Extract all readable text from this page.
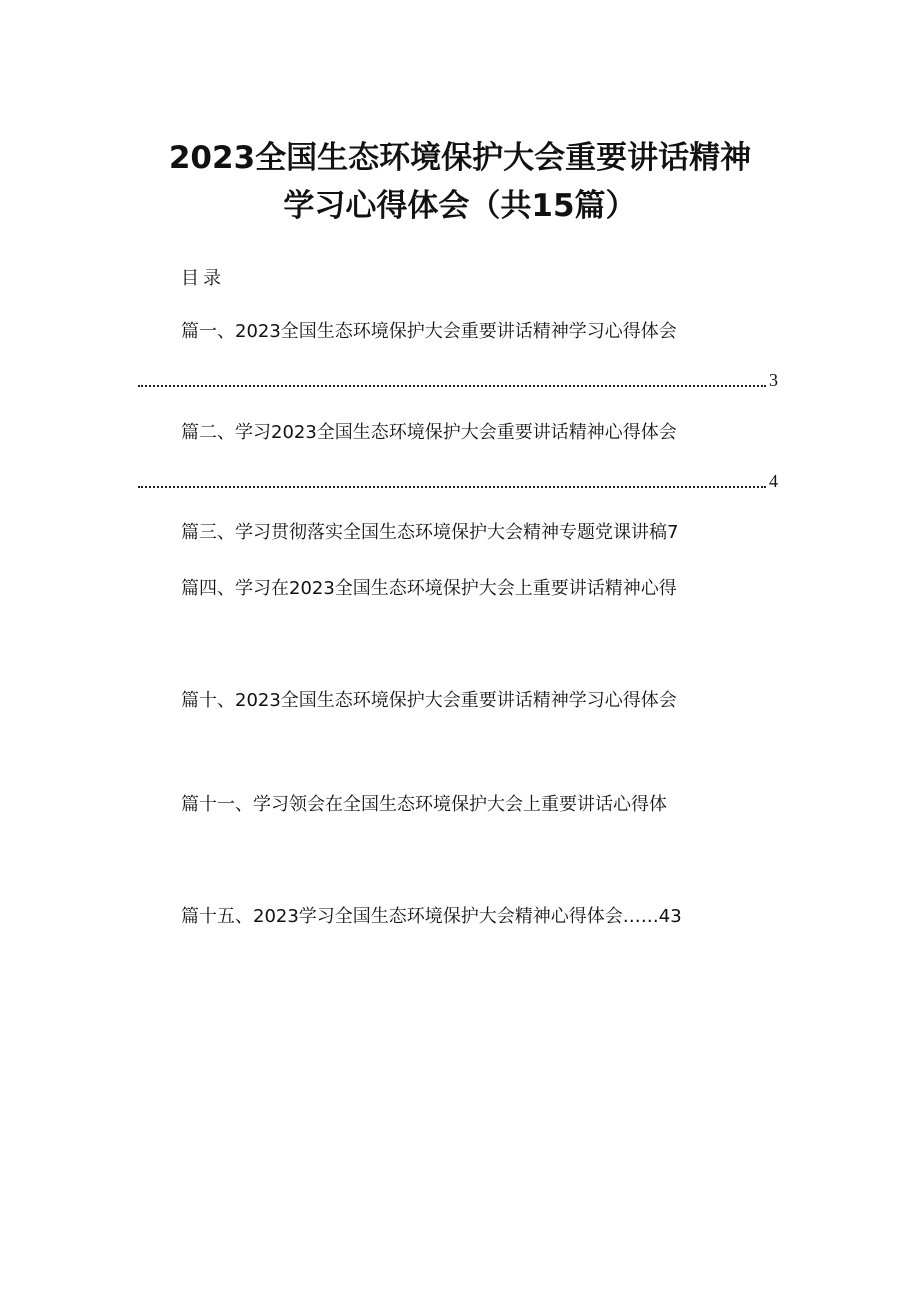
2023全国生态环境保护大会重要讲话精神
学习心得体会（共15篇）
目录
篇一、2023全国生态环境保护大会重要讲话精神学习心得体会
3
篇二、学习2023全国生态环境保护大会重要讲话精神心得体会
4
篇三、学习贯彻落实全国生态环境保护大会精神专题党课讲稿7
篇四、学习在2023全国生态环境保护大会上重要讲话精神心得
篇十、2023全国生态环境保护大会重要讲话精神学习心得体会
篇十一、学习领会在全国生态环境保护大会上重要讲话心得体
篇十五、2023学习全国生态环境保护大会精神心得体会……43
